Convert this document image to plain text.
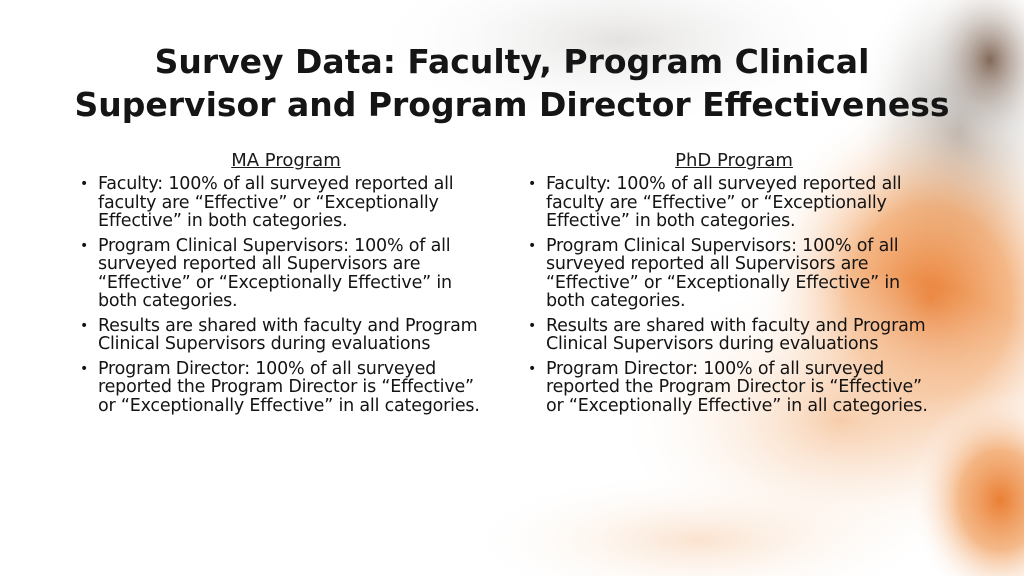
Survey Data: Faculty, Program Clinical
Supervisor and Program Director Effectiveness
MA Program
• Faculty: 100% of all surveyed reported all faculty are “Effective” or “Exceptionally Effective” in both categories.
• Program Clinical Supervisors: 100% of all surveyed reported all Supervisors are “Effective” or “Exceptionally Effective” in both categories.
• Results are shared with faculty and Program Clinical Supervisors during evaluations
• Program Director: 100% of all surveyed reported the Program Director is “Effective” or “Exceptionally Effective” in all categories.
PhD Program
• Faculty: 100% of all surveyed reported all faculty are “Effective” or “Exceptionally Effective” in both categories.
• Program Clinical Supervisors: 100% of all surveyed reported all Supervisors are “Effective” or “Exceptionally Effective” in both categories.
• Results are shared with faculty and Program Clinical Supervisors during evaluations
• Program Director: 100% of all surveyed reported the Program Director is “Effective” or “Exceptionally Effective” in all categories.
